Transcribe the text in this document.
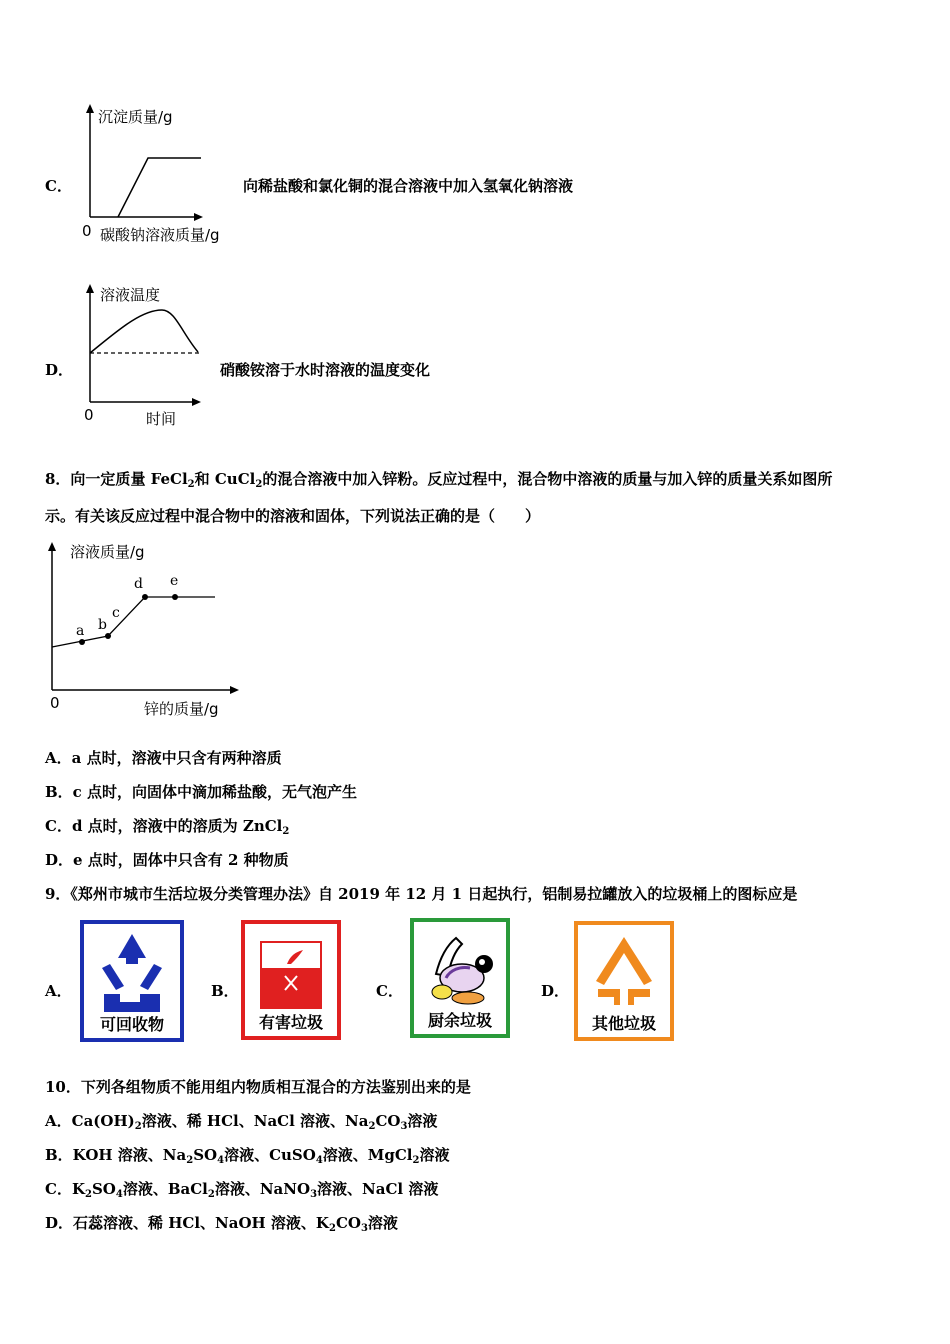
C．
沉淀质量/g
0 碳酸钠溶液质量/g
向稀盐酸和氯化铜的混合溶液中加入氢氧化钠溶液
D．
溶液温度
0	时间
硝酸铵溶于水时溶液的温度变化
8．向一定质量 FeCl$_2$和 CuCl$_2$的混合溶液中加入锌粉。反应过程中，混合物中溶液的质量与加入锌的质量关系如图所
示。有关该反应过程中混合物中的溶液和固体，下列说法正确的是（　　）
a b
c
d e
溶液质量/g
0	锌的质量/g
A．a 点时，溶液中只含有两种溶质
B．c 点时，向固体中滴加稀盐酸，无气泡产生
C．d 点时，溶液中的溶质为 ZnCl$_2$
D．e 点时，固体中只含有 2 种物质
9．《郑州市城市生活垃圾分类管理办法》自 2019 年 12 月 1 日起执行，铝制易拉罐放入的垃圾桶上的图标应是
A．
可回收物
B．
有害垃圾
C．
厨余垃圾
D．
其他垃圾
10．下列各组物质不能用组内物质相互混合的方法鉴别出来的是
A．$Ca(OH)_2$溶液、稀 HCl、NaCl 溶液、$Na_2CO_3$溶液
B．KOH 溶液、$Na_2SO_4$溶液、CuSO$_4$溶液、MgCl$_2$溶液
C．$K_2SO_4$溶液、BaCl$_2$溶液、NaNO$_3$溶液、NaCl 溶液
D．石蕊溶液、稀 HCl、NaOH 溶液、$K_2CO_3$溶液
